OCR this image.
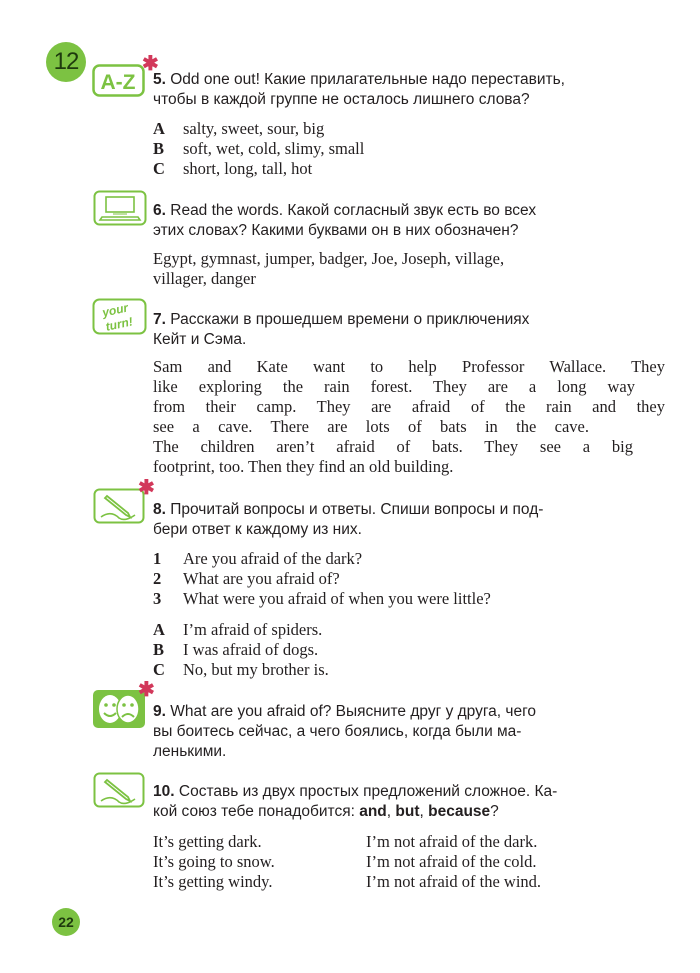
12
A-Z
✱
5. Odd one out! Какие прилагательные надо переставить,
чтобы в каждой группе не осталось лишнего слова?
A	salty, sweet, sour, big
B	soft, wet, cold, slimy, small
C	short, long, tall, hot
6. Read the words. Какой согласный звук есть во всех
этих словах? Какими буквами он в них обозначен?
Egypt, gymnast, jumper, badger, Joe, Joseph, village,
villager, danger
your
turn! 7. Расскажи в прошедшем времени о приключениях
Кейт и Сэма.
Sam and Kate want to help Professor Wallace. They
like exploring the rain forest. They are a long way
from their camp. They are afraid of the rain and they
see a cave. There are lots of bats in the cave.
The children aren’t afraid of bats. They see a big
footprint, too. Then they find an old building.
✱
8. Прочитай вопросы и ответы. Спиши вопросы и под-
бери ответ к каждому из них.
1	Are you afraid of the dark?
2	What are you afraid of?
3	What were you afraid of when you were little?
A	I’m afraid of spiders.
B	I was afraid of dogs.
C	No, but my brother is.
✱
9. What are you afraid of? Выясните друг у друга, чего
вы боитесь сейчас, а чего боялись, когда были ма-
ленькими.
10. Составь из двух простых предложений сложное. Ка-
кой союз тебе понадобится: and, but, because?
It’s getting dark.	I’m not afraid of the dark.
It’s going to snow.	I’m not afraid of the cold.
It’s getting windy.	I’m not afraid of the wind.
22
